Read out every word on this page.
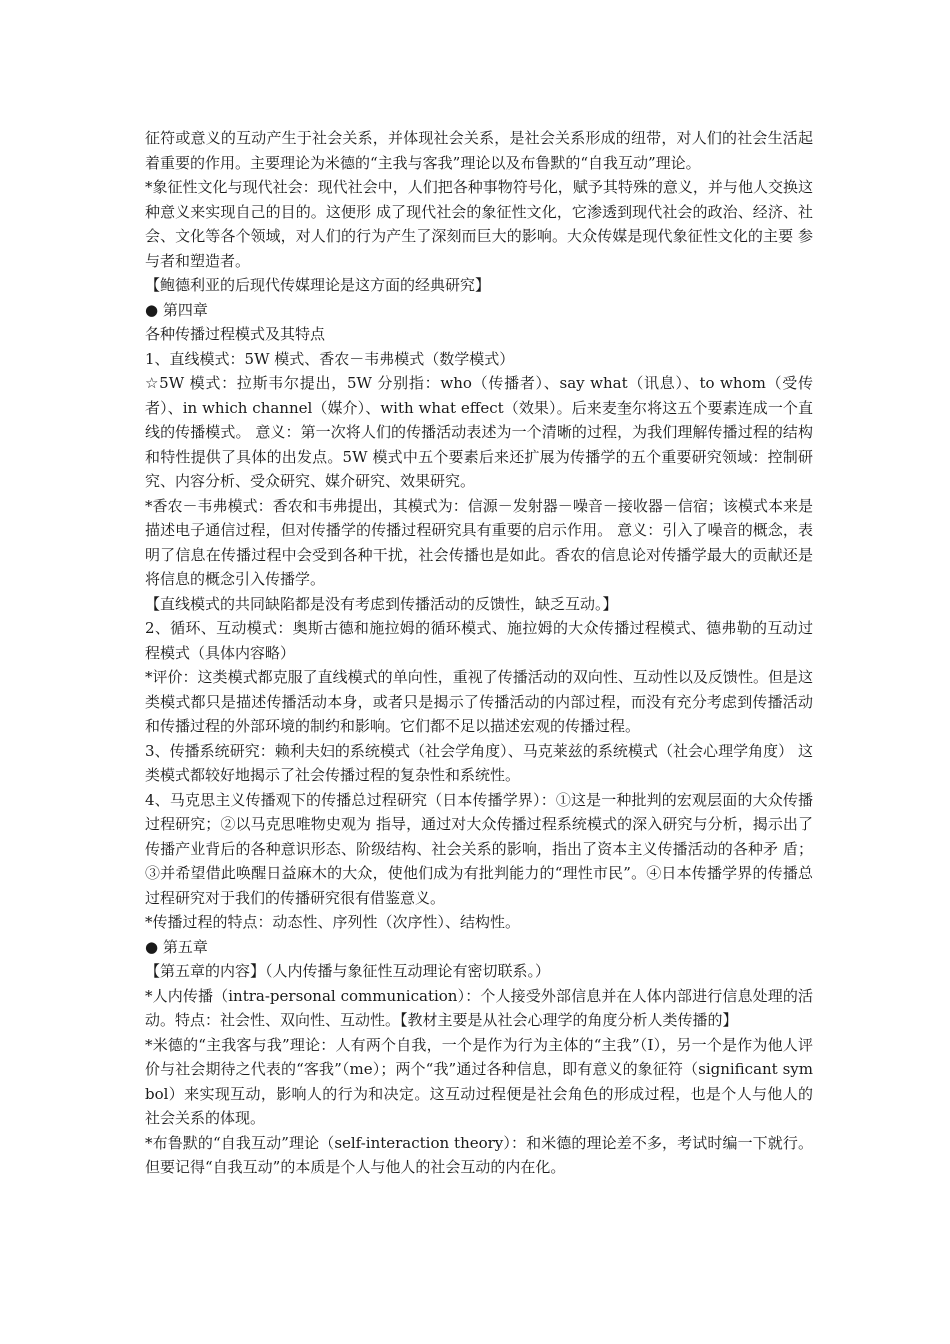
征符或意义的互动产生于社会关系，并体现社会关系，是社会关系形成的纽带，对人们的社会生活起着重要的作用。主要理论为米德的“主我与客我”理论以及布鲁默的“自我互动”理论。

*象征性文化与现代社会：现代社会中，人们把各种事物符号化，赋予其特殊的意义，并与他人交换这种意义来实现自己的目的。这便形 成了现代社会的象征性文化，它渗透到现代社会的政治、经济、社会、文化等各个领域，对人们的行为产生了深刻而巨大的影响。大众传媒是现代象征性文化的主要 参与者和塑造者。

【鲍德利亚的后现代传媒理论是这方面的经典研究】

● 第四章

各种传播过程模式及其特点

1、直线模式：5W 模式、香农－韦弗模式（数学模式）

☆5W 模式：拉斯韦尔提出，5W 分别指：who（传播者）、say what（讯息）、to whom（受传者）、in which channel（媒介）、with what effect（效果）。后来麦奎尔将这五个要素连成一个直线的传播模式。 意义：第一次将人们的传播活动表述为一个清晰的过程，为我们理解传播过程的结构和特性提供了具体的出发点。5W 模式中五个要素后来还扩展为传播学的五个重要研究领域：控制研究、内容分析、受众研究、媒介研究、效果研究。

*香农－韦弗模式：香农和韦弗提出，其模式为：信源－发射器－噪音－接收器－信宿；该模式本来是描述电子通信过程，但对传播学的传播过程研究具有重要的启示作用。 意义：引入了噪音的概念，表明了信息在传播过程中会受到各种干扰，社会传播也是如此。香农的信息论对传播学最大的贡献还是将信息的概念引入传播学。

【直线模式的共同缺陷都是没有考虑到传播活动的反馈性，缺乏互动。】

2、循环、互动模式：奥斯古德和施拉姆的循环模式、施拉姆的大众传播过程模式、德弗勒的互动过程模式（具体内容略）

*评价：这类模式都克服了直线模式的单向性，重视了传播活动的双向性、互动性以及反馈性。但是这类模式都只是描述传播活动本身，或者只是揭示了传播活动的内部过程，而没有充分考虑到传播活动和传播过程的外部环境的制约和影响。它们都不足以描述宏观的传播过程。

3、传播系统研究：赖利夫妇的系统模式（社会学角度）、马克莱兹的系统模式（社会心理学角度） 这类模式都较好地揭示了社会传播过程的复杂性和系统性。

4、马克思主义传播观下的传播总过程研究（日本传播学界）：①这是一种批判的宏观层面的大众传播过程研究；②以马克思唯物史观为 指导，通过对大众传播过程系统模式的深入研究与分析，揭示出了传播产业背后的各种意识形态、阶级结构、社会关系的影响，指出了资本主义传播活动的各种矛 盾；③并希望借此唤醒日益麻木的大众，使他们成为有批判能力的“理性市民”。④日本传播学界的传播总过程研究对于我们的传播研究很有借鉴意义。

*传播过程的特点：动态性、序列性（次序性）、结构性。

● 第五章

【第五章的内容】（人内传播与象征性互动理论有密切联系。）

*人内传播（intra-personal communication）：个人接受外部信息并在人体内部进行信息处理的活动。特点：社会性、双向性、互动性。【教材主要是从社会心理学的角度分析人类传播的】

*米德的“主我客与我”理论：人有两个自我，一个是作为行为主体的“主我”（I），另一个是作为他人评价与社会期待之代表的“客我”（me）；两个“我”通过各种信息，即有意义的象征符（significant symbol）来实现互动，影响人的行为和决定。这互动过程便是社会角色的形成过程，也是个人与他人的社会关系的体现。

*布鲁默的“自我互动”理论（self-interaction theory）：和米德的理论差不多，考试时编一下就行。但要记得“自我互动”的本质是个人与他人的社会互动的内在化。
